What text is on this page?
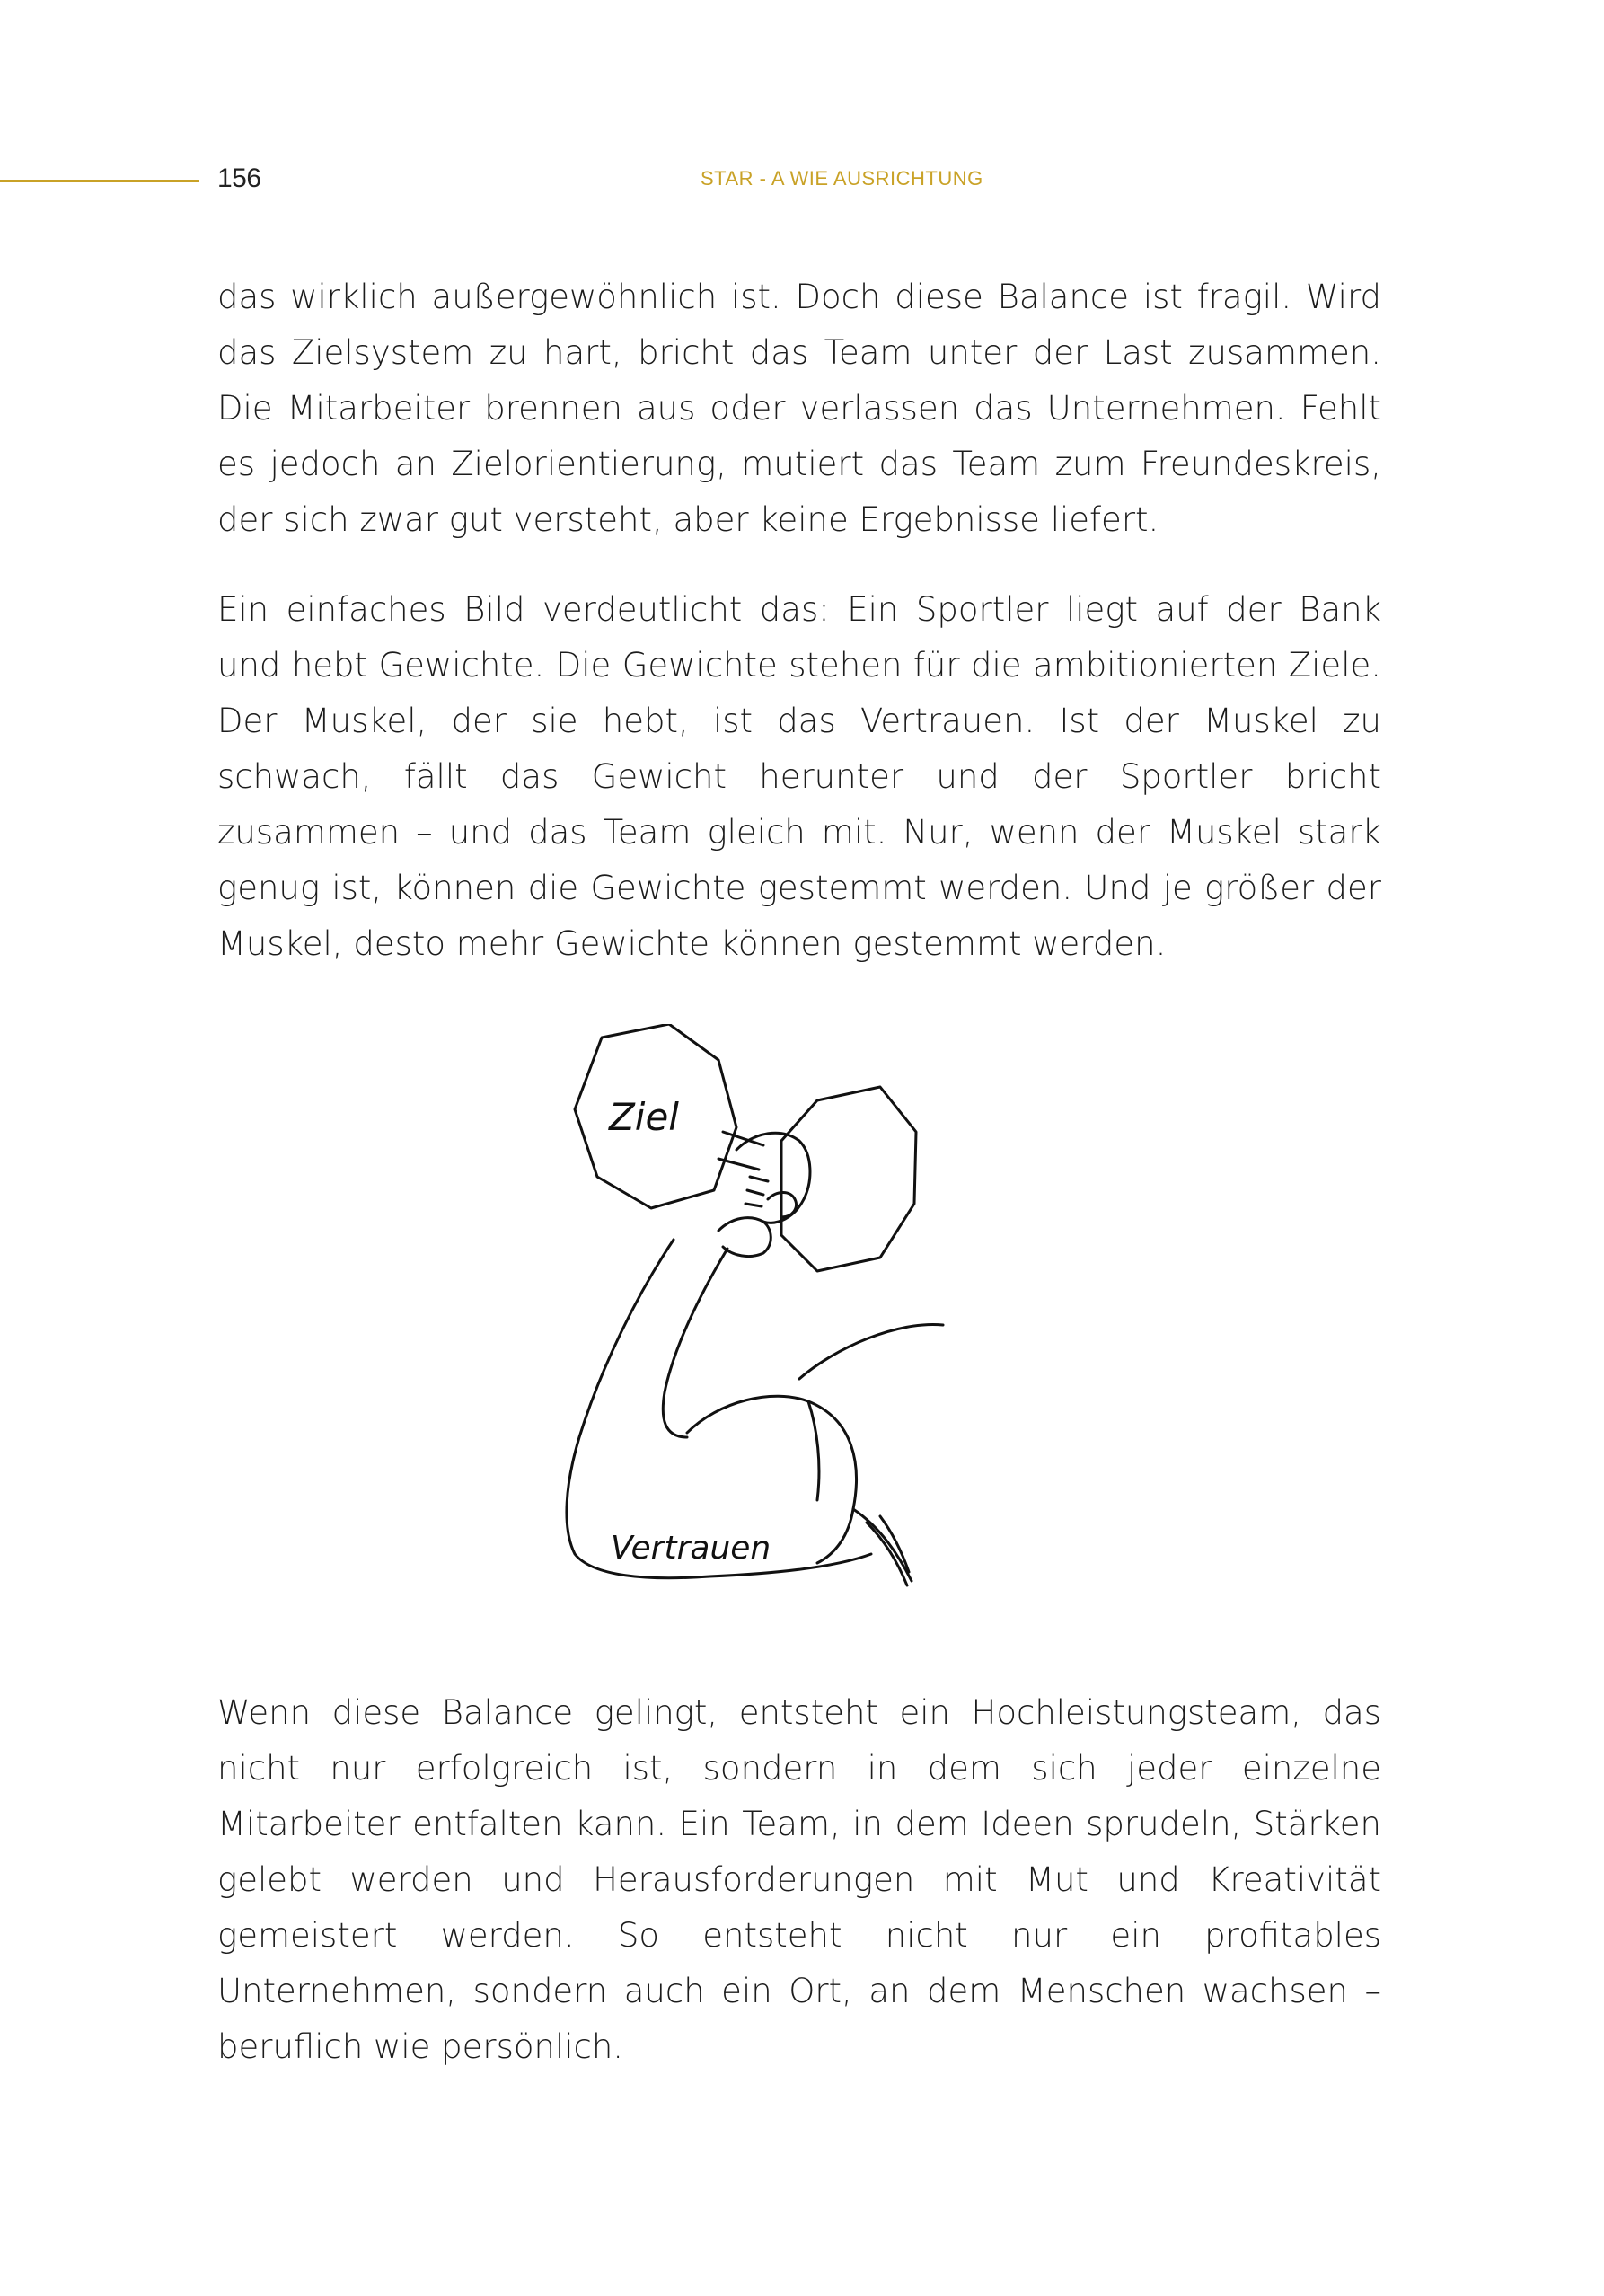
156	STAR - A WIE AUSRICHTUNG

das wirklich außergewöhnlich ist. Doch diese Balance ist fragil. Wird das Zielsystem zu hart, bricht das Team unter der Last zusammen. Die Mitarbeiter brennen aus oder verlassen das Unternehmen. Fehlt es jedoch an Zielorientierung, mutiert das Team zum Freundeskreis, der sich zwar gut versteht, aber keine Ergebnisse liefert.

Ein einfaches Bild verdeutlicht das: Ein Sportler liegt auf der Bank und hebt Gewichte. Die Gewichte stehen für die ambitionierten Ziele. Der Muskel, der sie hebt, ist das Vertrauen. Ist der Muskel zu schwach, fällt das Gewicht herunter und der Sportler bricht zusammen – und das Team gleich mit. Nur, wenn der Muskel stark genug ist, können die Gewichte gestemmt werden. Und je größer der Muskel, desto mehr Gewichte können gestemmt werden.

Ziel
Vertrauen

Wenn diese Balance gelingt, entsteht ein Hochleistungsteam, das nicht nur erfolgreich ist, sondern in dem sich jeder einzelne Mitarbeiter entfalten kann. Ein Team, in dem Ideen sprudeln, Stärken gelebt werden und Herausforderungen mit Mut und Kreativität gemeistert werden. So entsteht nicht nur ein profitables Unternehmen, sondern auch ein Ort, an dem Menschen wachsen – beruflich wie persönlich.
